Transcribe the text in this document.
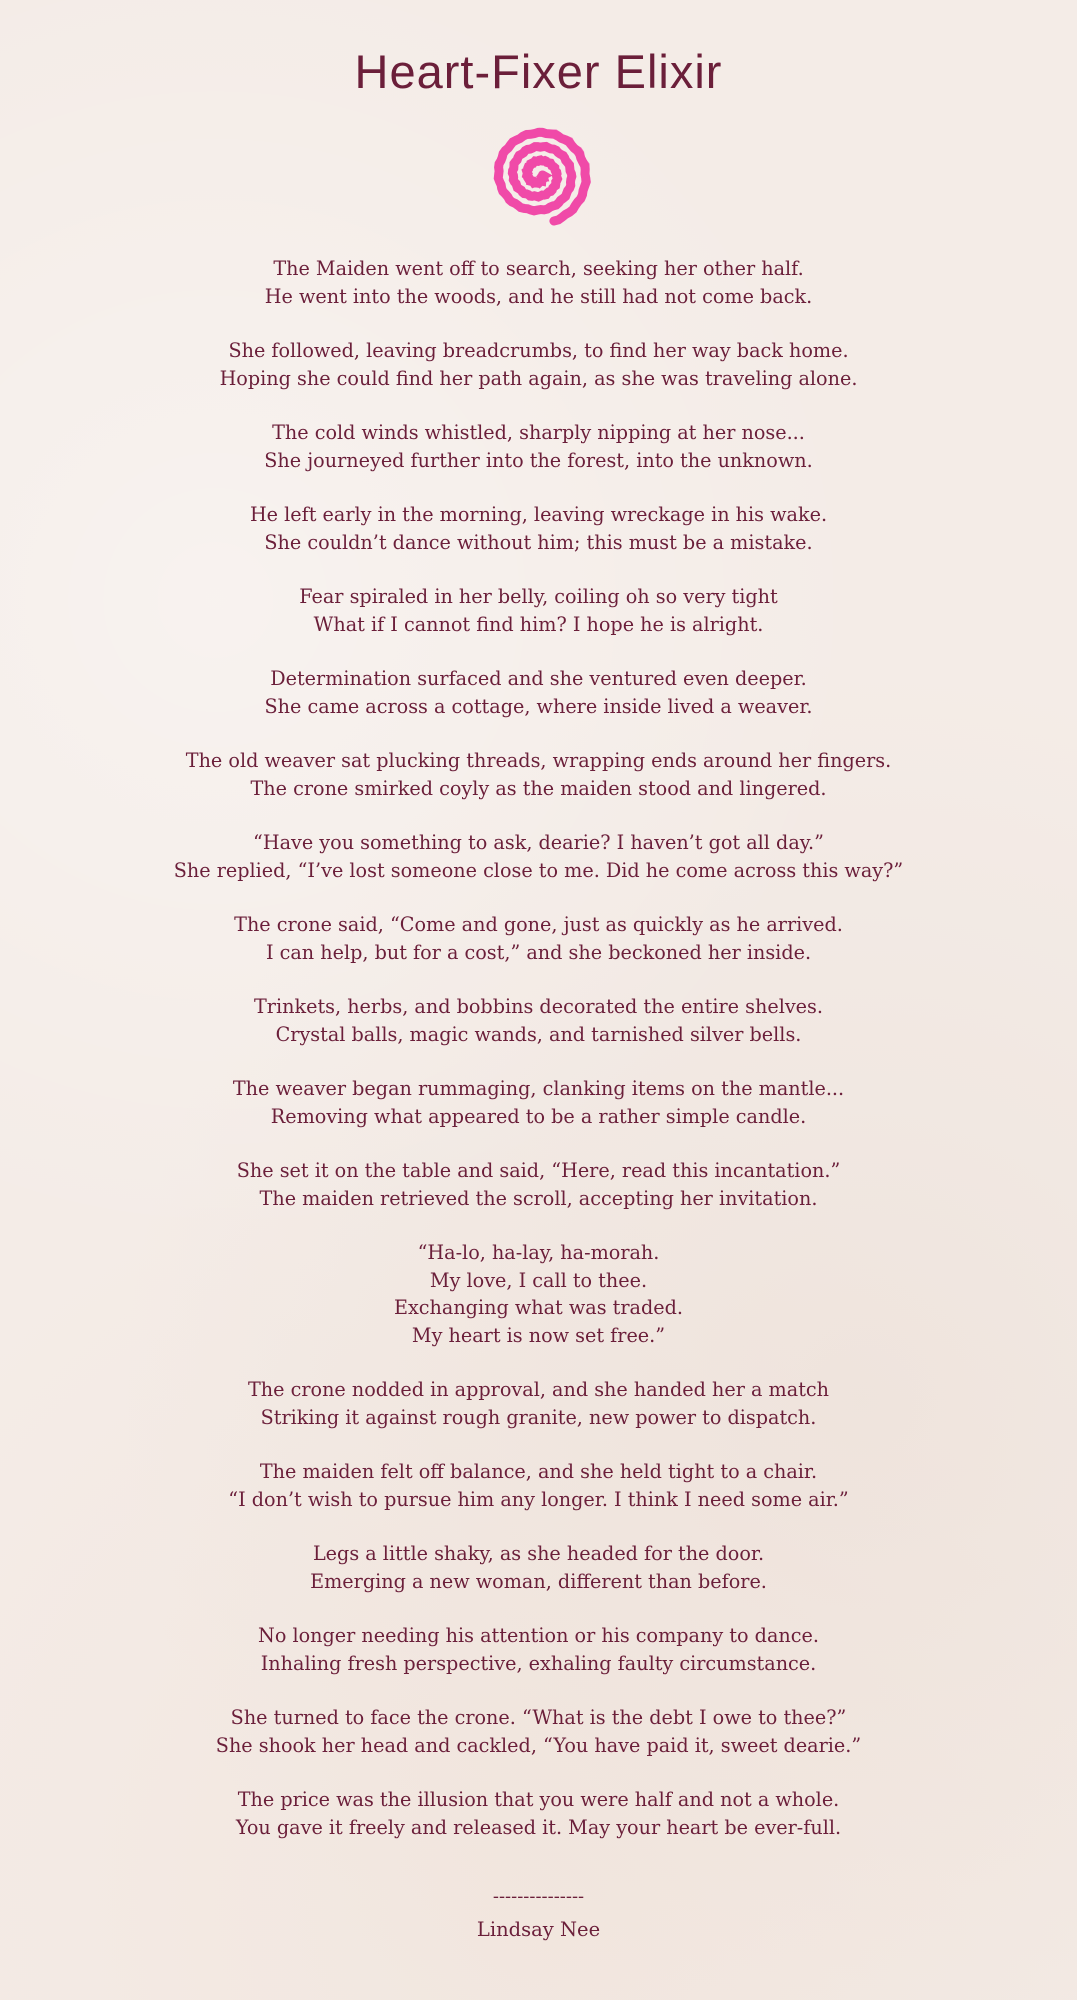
Heart-Fixer Elixir
The Maiden went off to search, seeking her other half.
He went into the woods, and he still had not come back.
She followed, leaving breadcrumbs, to find her way back home.
Hoping she could find her path again, as she was traveling alone.
The cold winds whistled, sharply nipping at her nose...
She journeyed further into the forest, into the unknown.
He left early in the morning, leaving wreckage in his wake.
She couldn’t dance without him; this must be a mistake.
Fear spiraled in her belly, coiling oh so very tight
What if I cannot find him? I hope he is alright.
Determination surfaced and she ventured even deeper.
She came across a cottage, where inside lived a weaver.
The old weaver sat plucking threads, wrapping ends around her fingers.
The crone smirked coyly as the maiden stood and lingered.
“Have you something to ask, dearie? I haven’t got all day.”
She replied, “I’ve lost someone close to me. Did he come across this way?”
The crone said, “Come and gone, just as quickly as he arrived.
I can help, but for a cost,” and she beckoned her inside.
Trinkets, herbs, and bobbins decorated the entire shelves.
Crystal balls, magic wands, and tarnished silver bells.
The weaver began rummaging, clanking items on the mantle...
Removing what appeared to be a rather simple candle.
She set it on the table and said, “Here, read this incantation.”
The maiden retrieved the scroll, accepting her invitation.
“Ha-lo, ha-lay, ha-morah.
My love, I call to thee.
Exchanging what was traded.
My heart is now set free.”
The crone nodded in approval, and she handed her a match
Striking it against rough granite, new power to dispatch.
The maiden felt off balance, and she held tight to a chair.
“I don’t wish to pursue him any longer. I think I need some air.”
Legs a little shaky, as she headed for the door.
Emerging a new woman, different than before.
No longer needing his attention or his company to dance.
Inhaling fresh perspective, exhaling faulty circumstance.
She turned to face the crone. “What is the debt I owe to thee?”
She shook her head and cackled, “You have paid it, sweet dearie.”
The price was the illusion that you were half and not a whole.
You gave it freely and released it. May your heart be ever-full.
---------------
Lindsay Nee
